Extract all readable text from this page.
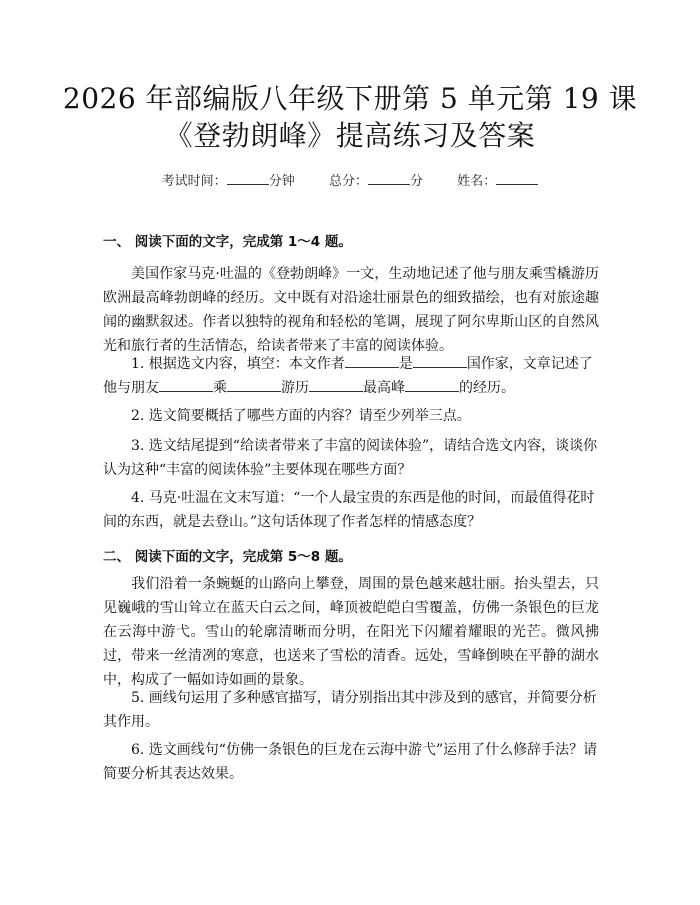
2026 年部编版八年级下册第 5 单元第 19 课
《登勃朗峰》提高练习及答案
考试时间：	分钟	总分：	分	姓名：
一、 阅读下面的文字，完成第 1～4 题。
美国作家马克·吐温的《登勃朗峰》一文，生动地记述了他与朋友乘雪橇游历欧洲最高峰勃朗峰的经历。文中既有对沿途壮丽景色的细致描绘，也有对旅途趣闻的幽默叙述。作者以独特的视角和轻松的笔调，展现了阿尔卑斯山区的自然风光和旅行者的生活情态，给读者带来了丰富的阅读体验。
1. 根据选文内容，填空：本文作者	是	国作家，文章记述了他与朋友	乘	游历	最高峰	的经历。
2. 选文简要概括了哪些方面的内容？请至少列举三点。
3. 选文结尾提到“给读者带来了丰富的阅读体验”，请结合选文内容，谈谈你认为这种“丰富的阅读体验”主要体现在哪些方面？
4. 马克·吐温在文末写道：“一个人最宝贵的东西是他的时间，而最值得花时间的东西，就是去登山。”这句话体现了作者怎样的情感态度？
二、 阅读下面的文字，完成第 5～8 题。
我们沿着一条蜿蜒的山路向上攀登，周围的景色越来越壮丽。抬头望去，只见巍峨的雪山耸立在蓝天白云之间，峰顶被皑皑白雪覆盖，仿佛一条银色的巨龙在云海中游弋。雪山的轮廓清晰而分明，在阳光下闪耀着耀眼的光芒。微风拂过，带来一丝清冽的寒意，也送来了雪松的清香。远处，雪峰倒映在平静的湖水中，构成了一幅如诗如画的景象。
5. 画线句运用了多种感官描写，请分别指出其中涉及到的感官，并简要分析其作用。
6. 选文画线句“仿佛一条银色的巨龙在云海中游弋”运用了什么修辞手法？请简要分析其表达效果。
